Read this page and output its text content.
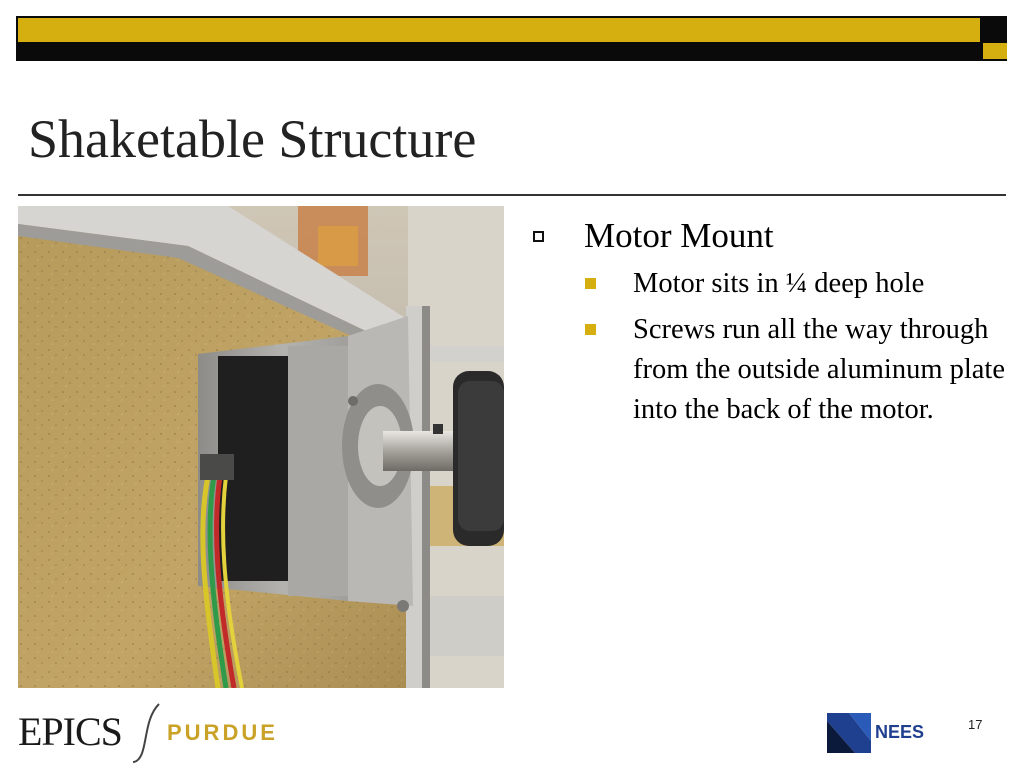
Shaketable Structure
Motor Mount
Motor sits in ¼ deep hole
Screws run all the way through from the outside aluminum plate into the back of the motor.
EPICS PURDUE	NEES	17
